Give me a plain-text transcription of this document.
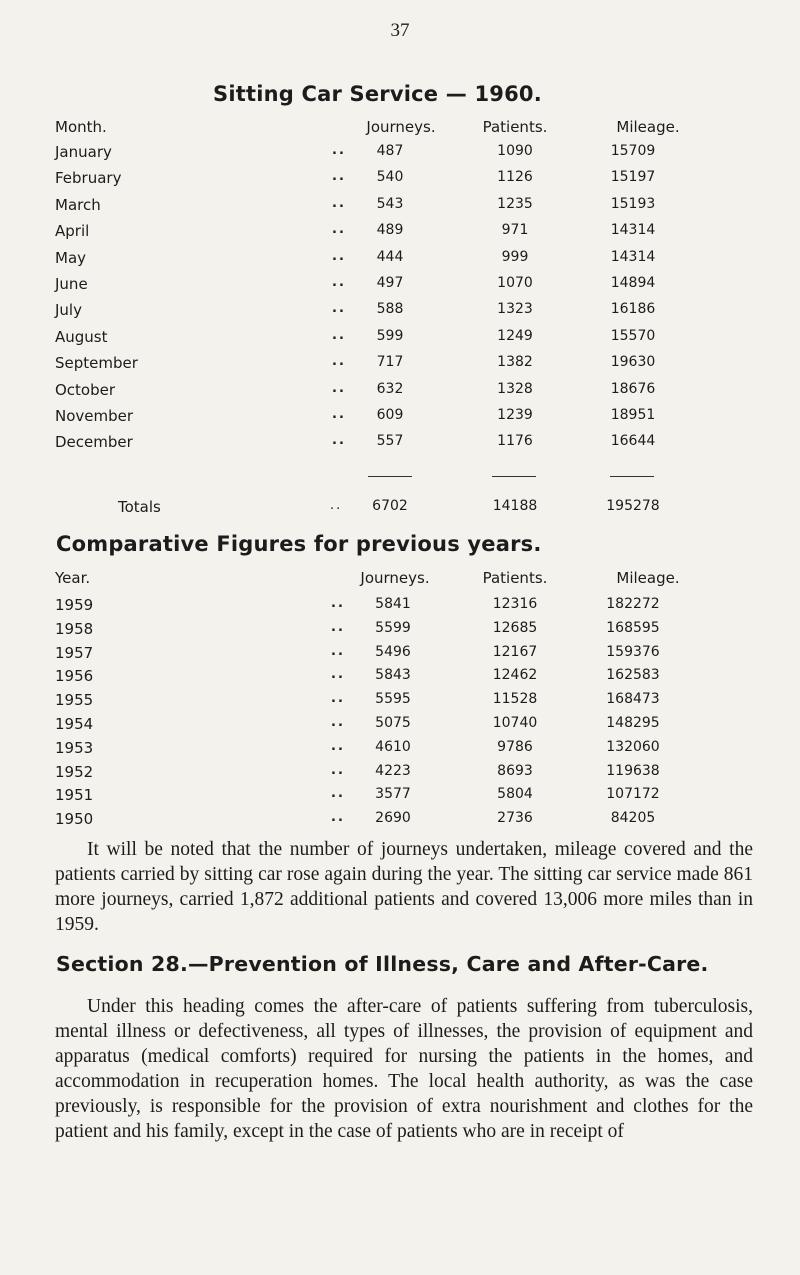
37
Sitting Car Service — 1960.
Month.	Journeys.	Patients.	Mileage.
January	..	487	1090	15709
February	..	540	1126	15197
March	..	543	1235	15193
April	..	489	971	14314
May	..	444	999	14314
June	..	497	1070	14894
July	..	588	1323	16186
August	..	599	1249	15570
September	..	717	1382	19630
October	..	632	1328	18676
November	..	609	1239	18951
December	..	557	1176	16644
Totals	..	6702	14188	195278
Comparative Figures for previous years.
Year.	Journeys.	Patients.	Mileage.
1959	..	5841	12316	182272
1958	..	5599	12685	168595
1957	..	5496	12167	159376
1956	..	5843	12462	162583
1955	..	5595	11528	168473
1954	..	5075	10740	148295
1953	..	4610	9786	132060
1952	..	4223	8693	119638
1951	..	3577	5804	107172
1950	..	2690	2736	84205

It will be noted that the number of journeys undertaken, mileage covered and the patients carried by sitting car rose again during the year. The sitting car service made 861 more journeys, carried 1,872 additional patients and covered 13,006 more miles than in 1959.

Section 28.—Prevention of Illness, Care and After-Care.

Under this heading comes the after-care of patients suffering from tuberculosis, mental illness or defectiveness, all types of illnesses, the provision of equipment and apparatus (medical comforts) required for nursing the patients in the homes, and accommodation in recuperation homes. The local health authority, as was the case previously, is responsible for the provision of extra nourishment and clothes for the patient and his family, except in the case of patients who are in receipt of
